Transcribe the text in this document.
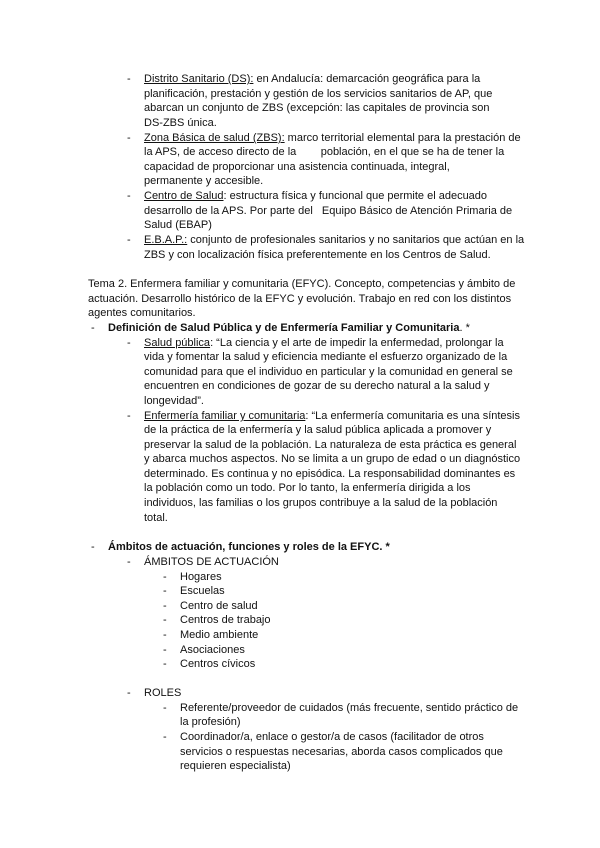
- Distrito Sanitario (DS): en Andalucía: demarcación geográfica para la
planificación, prestación y gestión de los servicios sanitarios de AP, que
abarcan un conjunto de ZBS (excepción: las capitales de provincia son
DS-ZBS única.
- Zona Básica de salud (ZBS): marco territorial elemental para la prestación de
la APS, de acceso directo de la        población, en el que se ha de tener la
capacidad de proporcionar una asistencia continuada, integral,
permanente y accesible.
- Centro de Salud: estructura física y funcional que permite el adecuado
desarrollo de la APS. Por parte del   Equipo Básico de Atención Primaria de
Salud (EBAP)
- E.B.A.P.: conjunto de profesionales sanitarios y no sanitarios que actúan en la
ZBS y con localización física preferentemente en los Centros de Salud.
Tema 2. Enfermera familiar y comunitaria (EFYC). Concepto, competencias y ámbito de
actuación. Desarrollo histórico de la EFYC y evolución. Trabajo en red con los distintos
agentes comunitarios.
- Definición de Salud Pública y de Enfermería Familiar y Comunitaria. *
- Salud pública: “La ciencia y el arte de impedir la enfermedad, prolongar la
vida y fomentar la salud y eficiencia mediante el esfuerzo organizado de la
comunidad para que el individuo en particular y la comunidad en general se
encuentren en condiciones de gozar de su derecho natural a la salud y
longevidad”.
- Enfermería familiar y comunitaria: “La enfermería comunitaria es una síntesis
de la práctica de la enfermería y la salud pública aplicada a promover y
preservar la salud de la población. La naturaleza de esta práctica es general
y abarca muchos aspectos. No se limita a un grupo de edad o un diagnóstico
determinado. Es continua y no episódica. La responsabilidad dominantes es
la población como un todo. Por lo tanto, la enfermería dirigida a los
individuos, las familias o los grupos contribuye a la salud de la población
total.
- Ámbitos de actuación, funciones y roles de la EFYC. *
- ÁMBITOS DE ACTUACIÓN
- Hogares
- Escuelas
- Centro de salud
- Centros de trabajo
- Medio ambiente
- Asociaciones
- Centros cívicos
- ROLES
- Referente/proveedor de cuidados (más frecuente, sentido práctico de
la profesión)
- Coordinador/a, enlace o gestor/a de casos (facilitador de otros
servicios o respuestas necesarias, aborda casos complicados que
requieren especialista)
